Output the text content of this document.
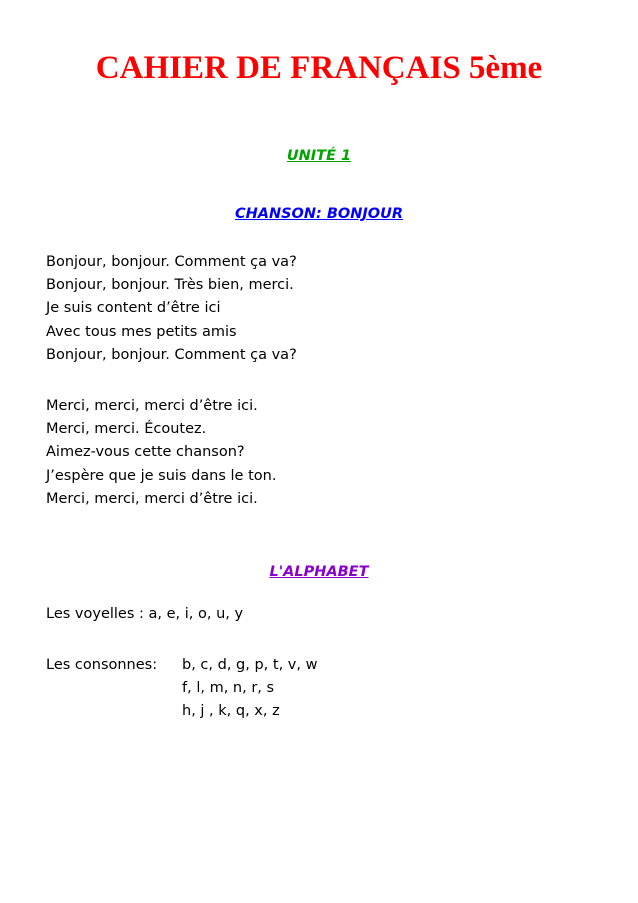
CAHIER DE FRANÇAIS 5ème
UNITÉ 1
CHANSON: BONJOUR
Bonjour, bonjour. Comment ça va?
Bonjour, bonjour. Très bien, merci.
Je suis content d’être ici
Avec tous mes petits amis
Bonjour, bonjour. Comment ça va?
Merci, merci, merci d’être ici.
Merci, merci. Écoutez.
Aimez-vous cette chanson?
J’espère que je suis dans le ton.
Merci, merci, merci d’être ici.
L'ALPHABET
Les voyelles : a, e, i, o, u, y
Les consonnes: b, c, d, g, p, t, v, w
f, l, m, n, r, s
h, j , k, q, x, z
